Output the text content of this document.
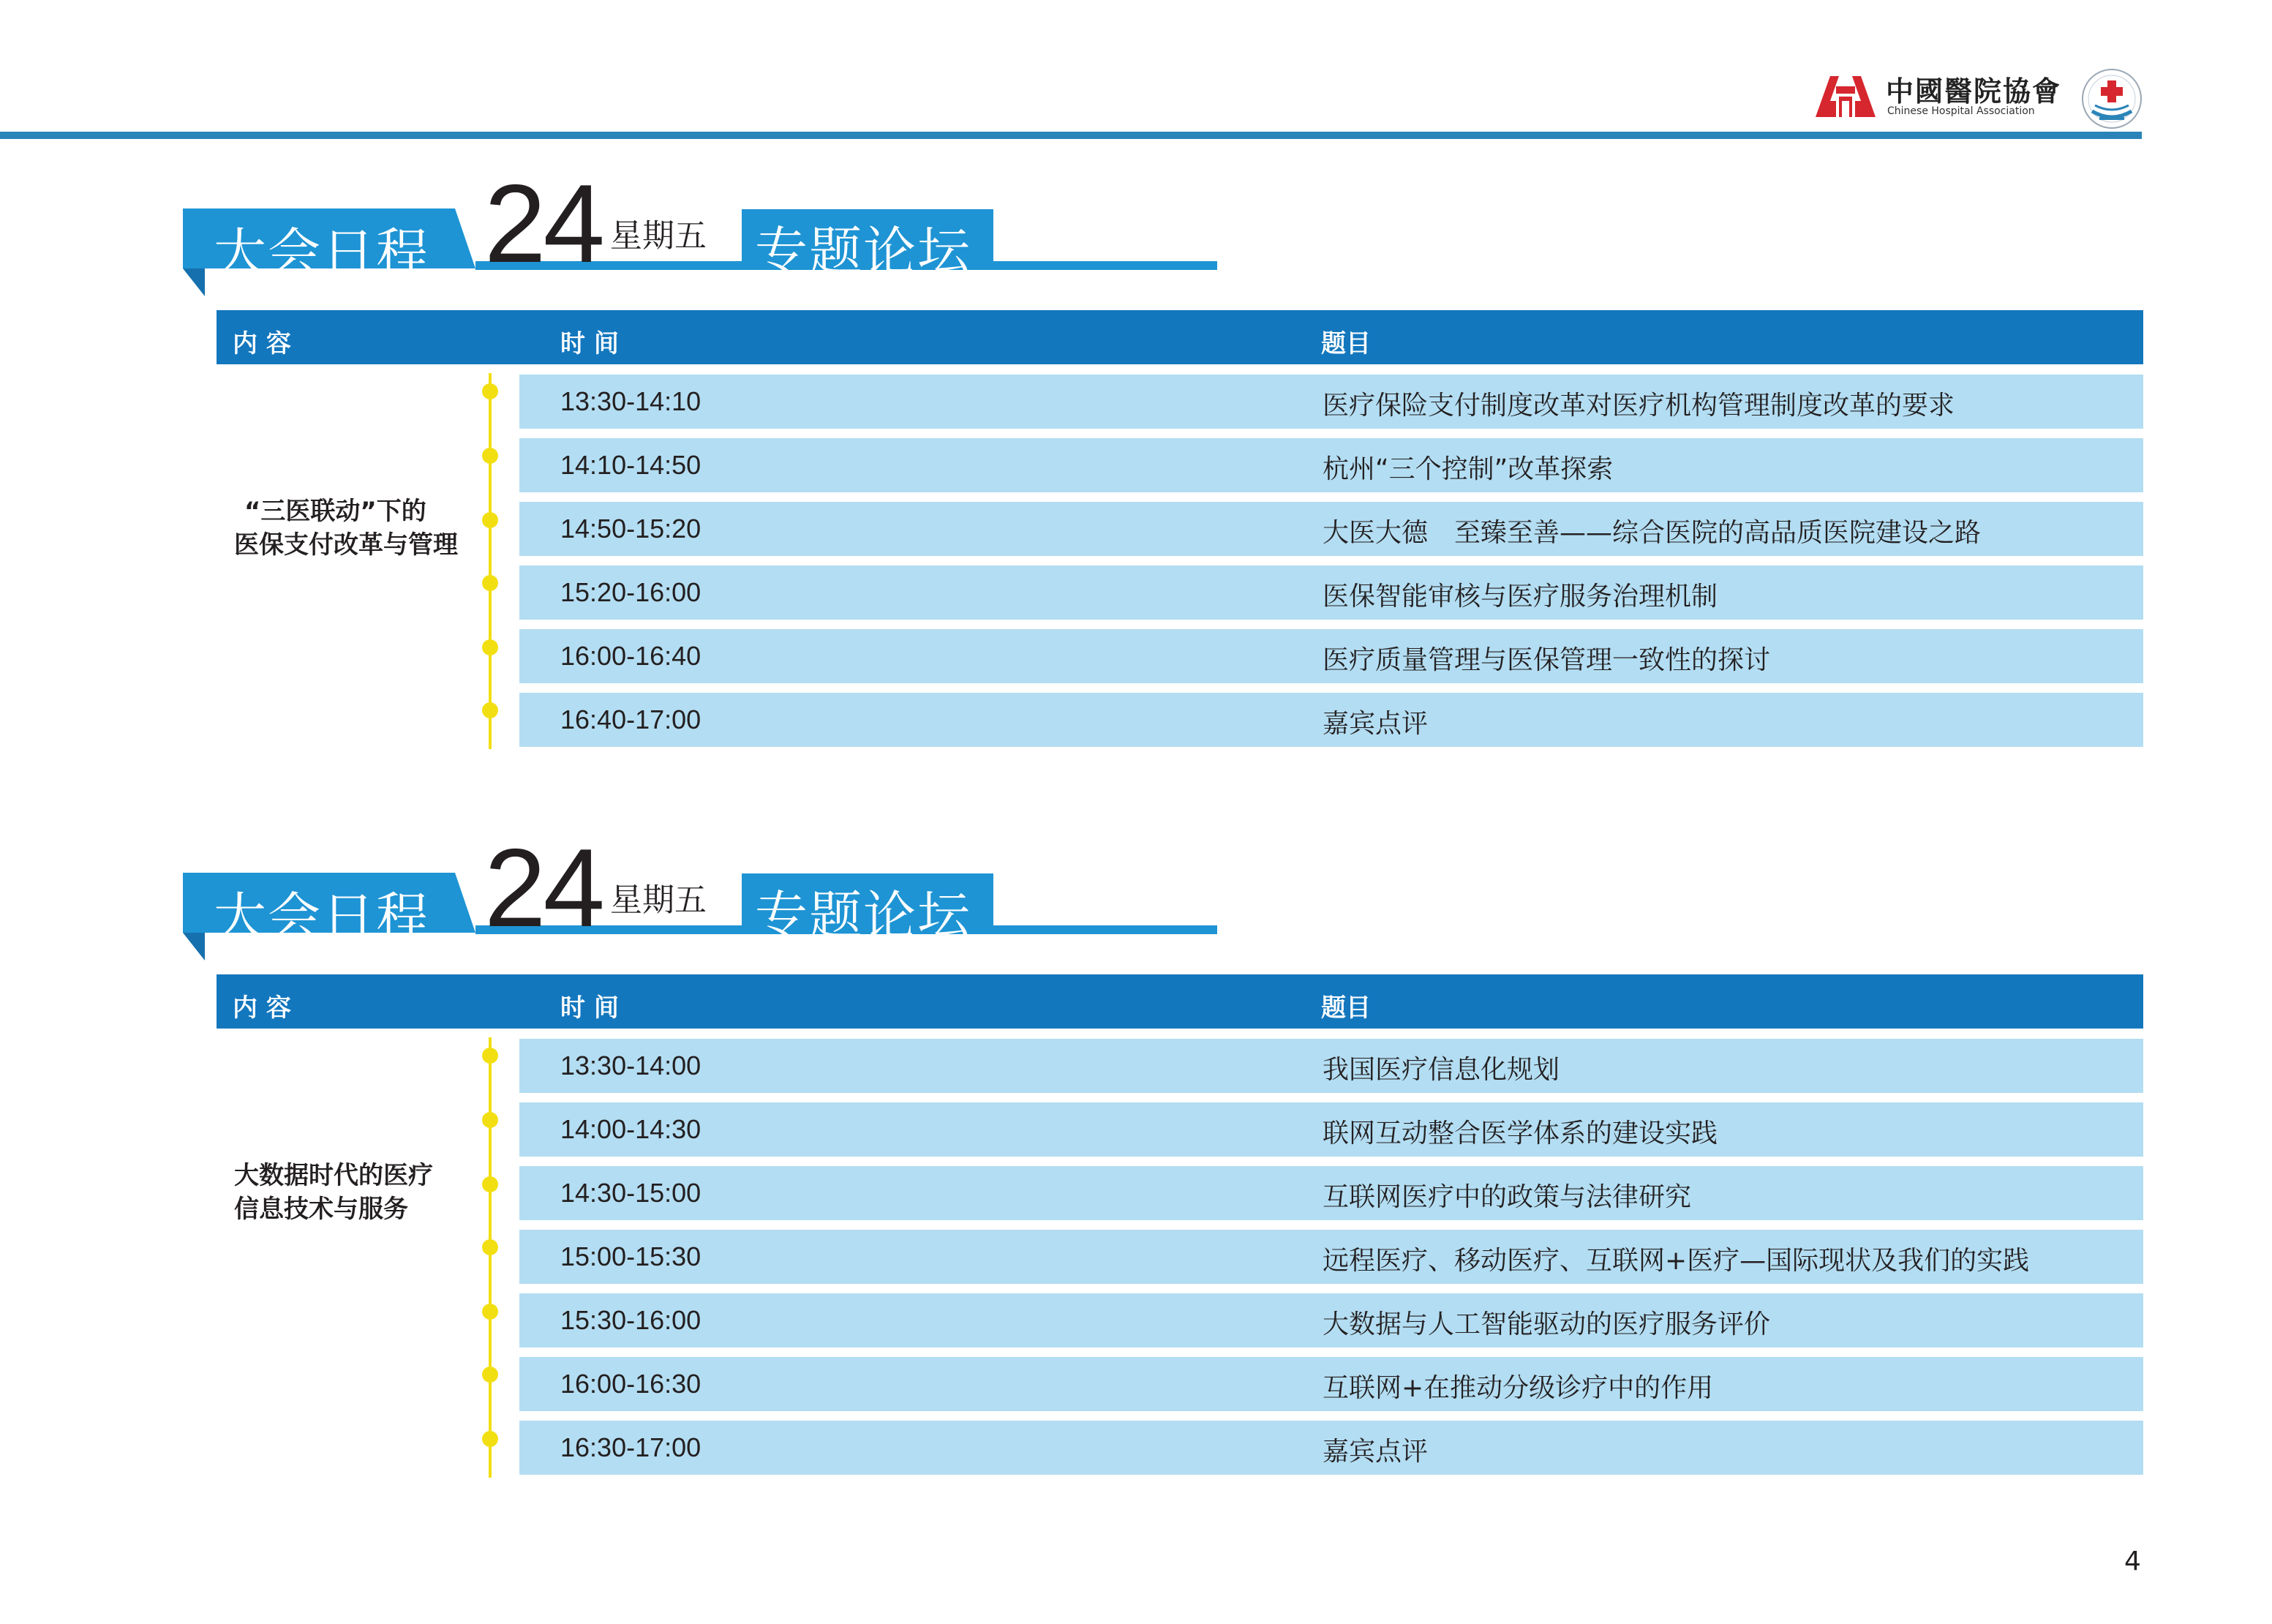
中國醫院協會
Chinese Hospital Association
大会日程 24 星期五 专题论坛
内 容	时 间	题目
“三医联动”下的
医保支付改革与管理
13:30-14:10	医疗保险支付制度改革对医疗机构管理制度改革的要求
14:10-14:50	杭州“三个控制”改革探索
14:50-15:20	大医大德　至臻至善——综合医院的高品质医院建设之路
15:20-16:00	医保智能审核与医疗服务治理机制
16:00-16:40	医疗质量管理与医保管理一致性的探讨
16:40-17:00	嘉宾点评
大会日程 24 星期五 专题论坛
内 容	时 间	题目
大数据时代的医疗
信息技术与服务
13:30-14:00	我国医疗信息化规划
14:00-14:30	联网互动整合医学体系的建设实践
14:30-15:00	互联网医疗中的政策与法律研究
15:00-15:30	远程医疗、移动医疗、互联网+医疗—国际现状及我们的实践
15:30-16:00	大数据与人工智能驱动的医疗服务评价
16:00-16:30	互联网+在推动分级诊疗中的作用
16:30-17:00	嘉宾点评
4
